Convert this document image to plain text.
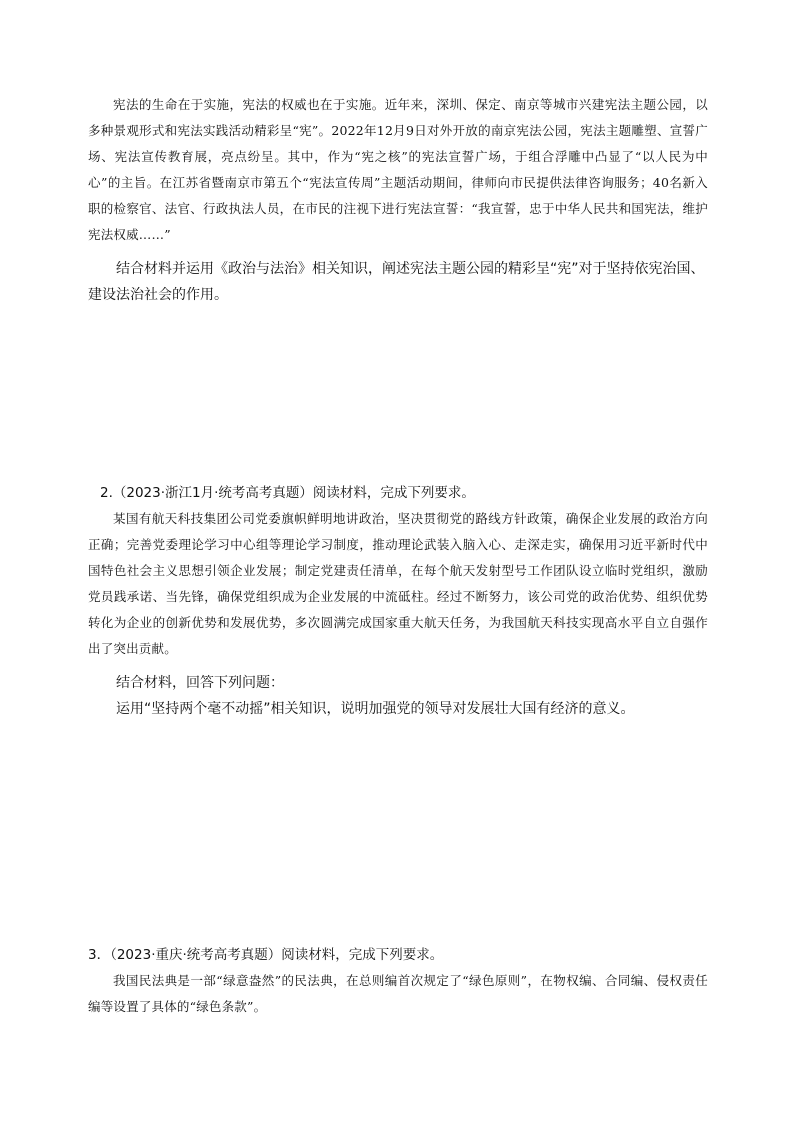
宪法的生命在于实施，宪法的权威也在于实施。近年来，深圳、保定、南京等城市兴建宪法主题公园，以多种景观形式和宪法实践活动精彩呈“宪”。2022年12月9日对外开放的南京宪法公园，宪法主题雕塑、宣誓广场、宪法宣传教育展，亮点纷呈。其中，作为“宪之核”的宪法宣誓广场，于组合浮雕中凸显了“以人民为中心”的主旨。在江苏省暨南京市第五个“宪法宣传周”主题活动期间，律师向市民提供法律咨询服务；40名新入职的检察官、法官、行政执法人员，在市民的注视下进行宪法宣誓：“我宣誓，忠于中华人民共和国宪法，维护宪法权威……”

结合材料并运用《政治与法治》相关知识，阐述宪法主题公园的精彩呈“宪”对于坚持依宪治国、建设法治社会的作用。

2.（2023·浙江1月·统考高考真题）阅读材料，完成下列要求。

某国有航天科技集团公司党委旗帜鲜明地讲政治，坚决贯彻党的路线方针政策，确保企业发展的政治方向正确；完善党委理论学习中心组等理论学习制度，推动理论武装入脑入心、走深走实，确保用习近平新时代中国特色社会主义思想引领企业发展；制定党建责任清单，在每个航天发射型号工作团队设立临时党组织，激励党员践承诺、当先锋，确保党组织成为企业发展的中流砥柱。经过不断努力，该公司党的政治优势、组织优势转化为企业的创新优势和发展优势，多次圆满完成国家重大航天任务，为我国航天科技实现高水平自立自强作出了突出贡献。

结合材料，回答下列问题：

运用“坚持两个毫不动摇”相关知识，说明加强党的领导对发展壮大国有经济的意义。

3．（2023·重庆·统考高考真题）阅读材料，完成下列要求。

我国民法典是一部“绿意盎然”的民法典，在总则编首次规定了“绿色原则”，在物权编、合同编、侵权责任编等设置了具体的“绿色条款”。
